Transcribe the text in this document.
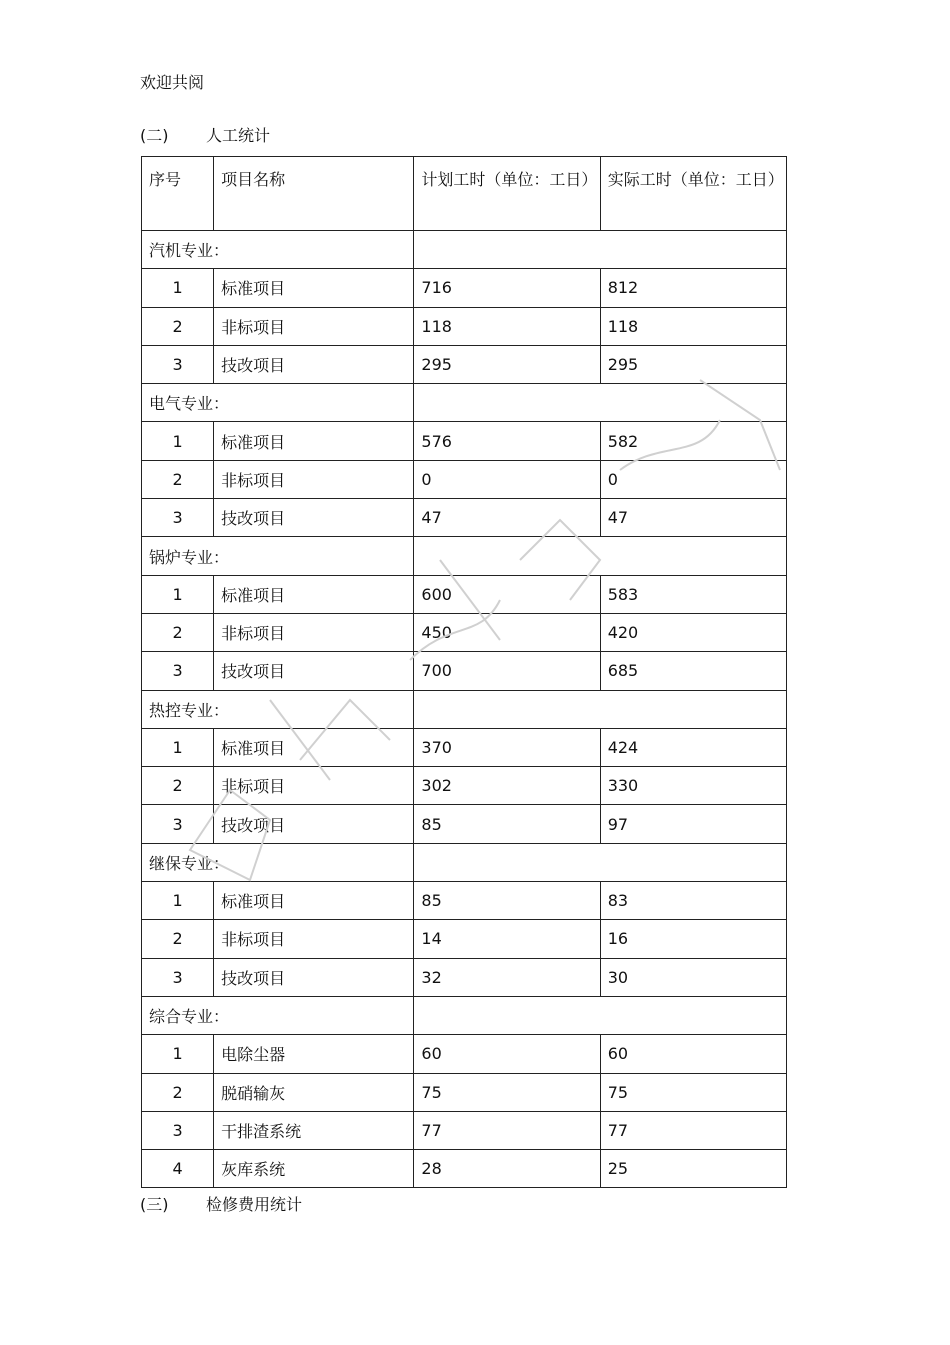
欢迎共阅
(二)	人工统计
序号	项目名称	计划工时（单位：工日）	实际工时（单位：工日）
汽机专业：			
1	标准项目	716	812
2	非标项目	118	118
3	技改项目	295	295
电气专业：			
1	标准项目	576	582
2	非标项目	0	0
3	技改项目	47	47
锅炉专业：			
1	标准项目	600	583
2	非标项目	450	420
3	技改项目	700	685
热控专业：			
1	标准项目	370	424
2	非标项目	302	330
3	技改项目	85	97
继保专业：			
1	标准项目	85	83
2	非标项目	14	16
3	技改项目	32	30
综合专业：			
1	电除尘器	60	60
2	脱硝输灰	75	75
3	干排渣系统	77	77
4	灰库系统	28	25
(三)	检修费用统计
